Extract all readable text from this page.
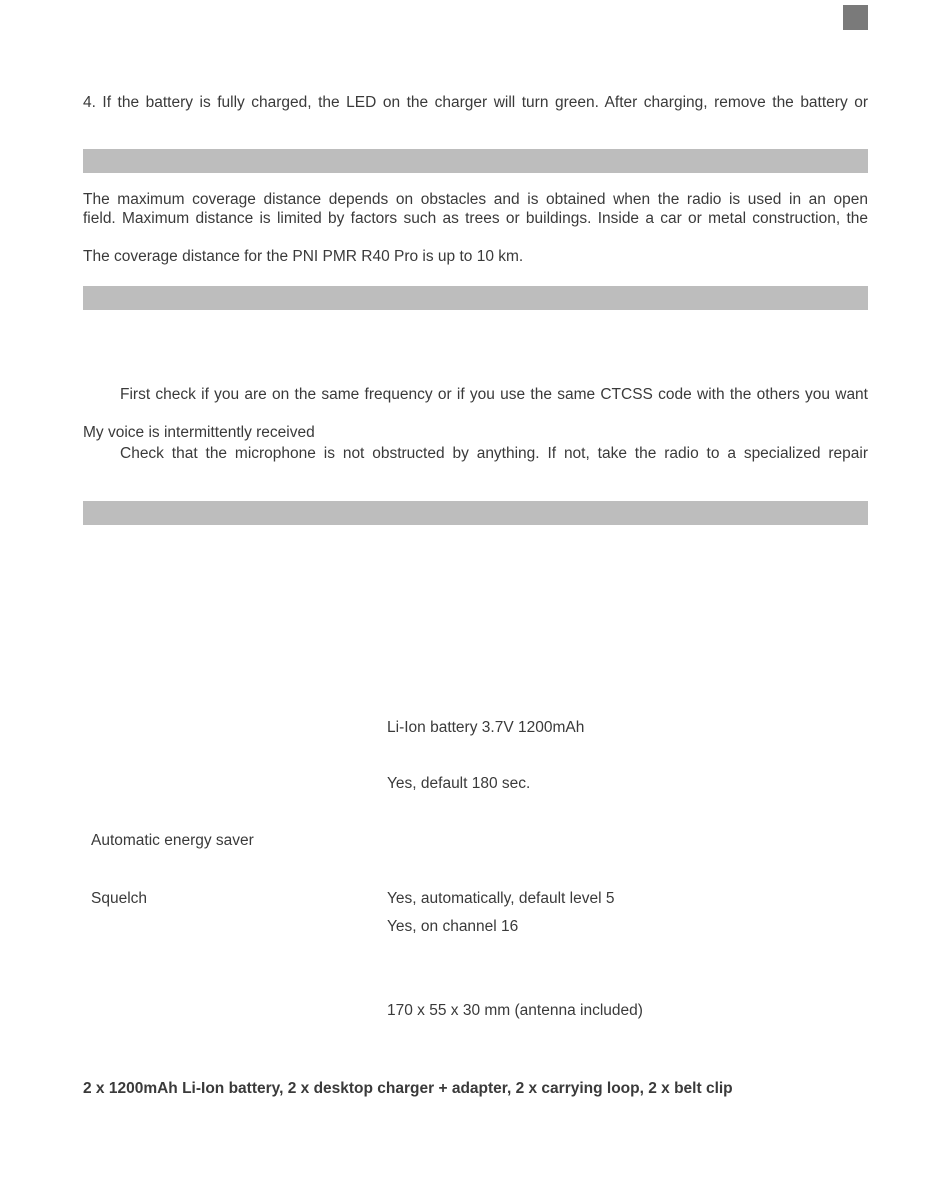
4. If the battery is fully charged, the LED on the charger will turn green. After charging, remove the battery or
The maximum coverage distance depends on obstacles and is obtained when the radio is used in an open
field. Maximum distance is limited by factors such as trees or buildings. Inside a car or metal construction, the
The coverage distance for the PNI PMR R40 Pro is up to 10 km.
First check if you are on the same frequency or if you use the same CTCSS code with the others you want
My voice is intermittently received
Check that the microphone is not obstructed by anything. If not, take the radio to a specialized repair
Li-Ion battery 3.7V 1200mAh
Yes, default 180 sec.
Automatic energy saver
Squelch	Yes, automatically, default level 5
Yes, on channel 16
170 x 55 x 30 mm (antenna included)
2 x 1200mAh Li-Ion battery, 2 x desktop charger + adapter, 2 x carrying loop, 2 x belt clip
